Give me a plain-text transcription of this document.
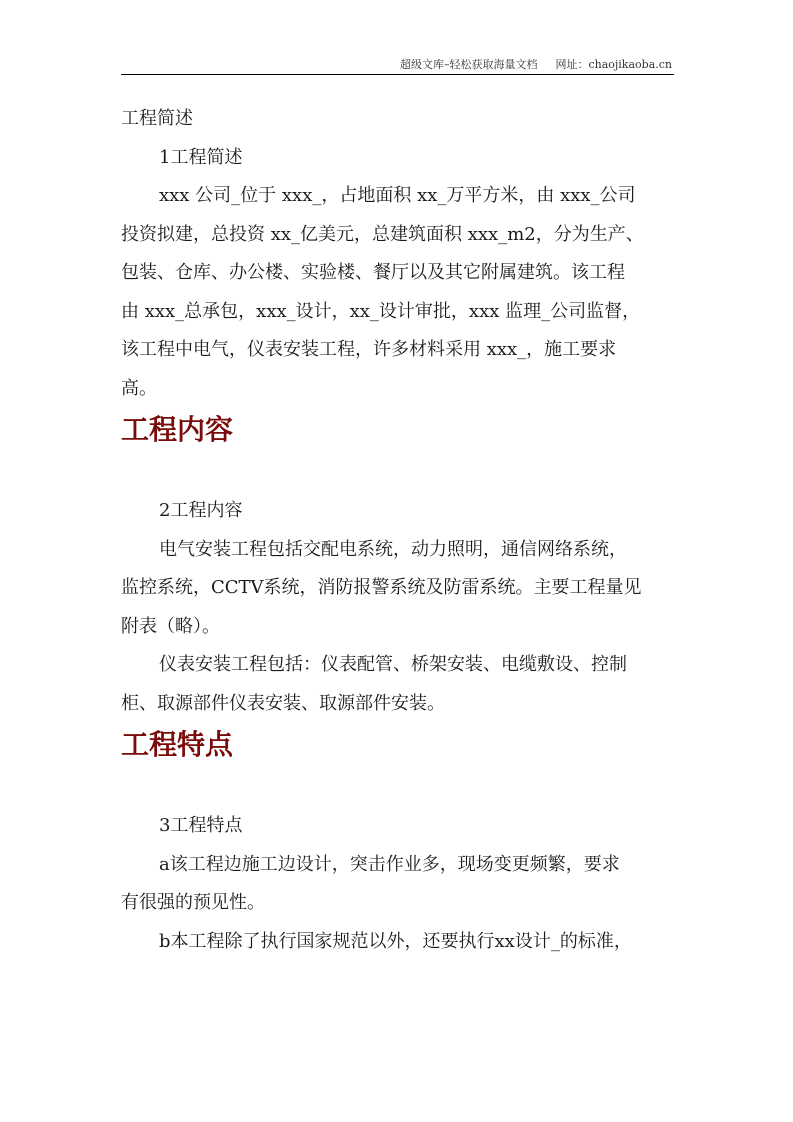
超级文库–轻松获取海量文档 网址：chaojikaoba.cn

工程简述

1工程简述

xxx 公司_位于 xxx_，占地面积 xx_万平方米，由 xxx_公司

投资拟建，总投资 xx_亿美元，总建筑面积 xxx_m2，分为生产、

包装、仓库、办公楼、实验楼、餐厅以及其它附属建筑。该工程

由 xxx_总承包，xxx_设计，xx_设计审批，xxx 监理_公司监督，

该工程中电气，仪表安装工程，许多材料采用 xxx_，施工要求

高。

工程内容

2工程内容

电气安装工程包括交配电系统，动力照明，通信网络系统，

监控系统，CCTV系统，消防报警系统及防雷系统。主要工程量见

附表（略）。

仪表安装工程包括：仪表配管、桥架安装、电缆敷设、控制

柜、取源部件仪表安装、取源部件安装。

工程特点

3工程特点

a该工程边施工边设计，突击作业多，现场变更频繁，要求

有很强的预见性。

b本工程除了执行国家规范以外，还要执行xx设计_的标准，
